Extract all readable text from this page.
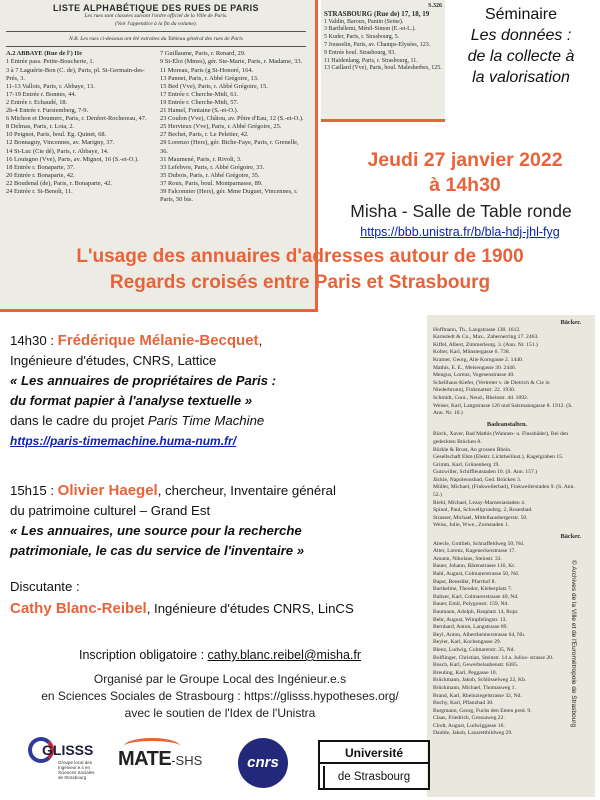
LISTE ALPHABÉTIQUE DES RUES DE PARIS
Les rues sont classées suivant l'ordre officiel de la Ville de Paris.
(Voir l'appendice à la fin du volume).
N.B. Les rues ci-dessous ont été extraites du Tableau général des rues de Paris
A.2 ABBAYE (Rue de l') IIe
1 Entrée pass. Petite-Boucherie, 1.
3 à 7 Laguérie-Bon (C. de), Paris, pl. St-Germain-des-Prés, 3.
11-13 Vallois, Paris, r. Abbaye, 13.
17-19 Entrée r. Bonnes, 44.
2 Entrée r. Echaudé, 18.
2b-4 Entrée r. Furstemberg, 7-9.
6 Michon et Doumerc, Paris, r. Denfert-Rochereau, 47.
8 Delmas, Paris, r. Lota, 2.
10 Peignot, Paris, boul. Eg. Quinet, 68.
12 Bonnaguy, Vincennes, av. Marigny, 37.
14 St-Luc (Cie dé), Paris, r. Abbaye, 14.
16 Louisgno (Vve), Paris, av. Mignot, 16 (S.-et-O.).
18 Entrée r. Bonaparte, 37.
20 Entrée r. Bonaparte, 42.
22 Boudenal (de), Paris, r. Bonaparte, 42.
24 Entrée r. St-Benoît, 11.
7 Guillaume, Paris, r. Renard, 29.
9 St-Eloi (Mmes), gér. Ste-Marie, Paris, r. Madame, 33.
11 Moreau, Paris (g St-Honoré, 164.
13 Pannet, Paris, r. Abbé Grégoire, 13.
15 Bed (Vve), Paris, r. Abbé Grégoire, 15.
17 Entrée r. Cherche-Midi, 61.
19 Entrée r. Cherche-Midi, 57.
21 Hamel, Fontaine (S.-et-O.).
23 Coulon (Vve), Châtou, av. Pôtre d'Eau, 12 (S.-et-O.).
25 Hervieux (Vve), Paris, r. Abbé Grégoire, 25.
27 Bechet, Paris, r. Le Peletier, 42.
29 Lorenzo (Hers), gér. Biche-Faye, Paris, r. Grenelle, 36.
31 Maumené, Paris, r. Rivoli, 3.
33 Lefebvre, Paris, r. Abbé Grégoire, 33.
35 Dubois, Paris, r. Abbé Grégoire, 35.
37 Roux, Paris, boul. Montparnasse, 89.
39 Falconnier (Hers), gér. Mme Duguet, Vincennes, r. Paris, 50 bis.
S.326
STRASBOURG (Rue de) 17, 18, 19
1 Valdin, Baroux, Pantin (Seine).
3 Barthélemi, Ménil-Simon (E.-et-L.).
5 Kuder, Paris, r. Strasbourg, 5.
7 Jousselin, Paris, av. Champs-Elysées, 123.
9 Entrée boul. Strasbourg, 93.
11 Haidenlang, Paris, r. Strasbourg, 11.
13 Caillard (Vve), Paris, boul. Malesherbes, 125.
Séminaire
Les données :
de la collecte à
la valorisation
Jeudi 27 janvier 2022
à 14h30
Misha - Salle de Table ronde
https://bbb.unistra.fr/b/bla-hdj-jhl-fyg
L'usage des annuaires d'adresses autour de 1900
Regards croisés entre Paris et Strasbourg
14h30 : Frédérique Mélanie-Becquet,
Ingénieure d'études, CNRS, Lattice
« Les annuaires de propriétaires de Paris :
du format papier à l'analyse textuelle »
dans le cadre du projet Paris Time Machine
https://paris-timemachine.huma-num.fr/
15h15 : Olivier Haegel, chercheur, Inventaire général
du patrimoine culturel – Grand Est
« Les annuaires, une source pour la recherche
patrimoniale, le cas du service de l'inventaire »
Discutante :
Cathy Blanc-Reibel, Ingénieure d'études CNRS, LinCS
Inscription obligatoire : cathy.blanc.reibel@misha.fr
Organisé par le Groupe Local des Ingénieur.e.s
en Sciences Sociales de Strasbourg : https://glisss.hypotheses.org/
avec le soutien de l'Idex de l'Unistra
Bäcker.
Hoffmann, Th., Langstrasse 138. 1612.
Karnstedt & Co., Max., Zabernerring 17. 2463.
Kiffel, Albert, Zimmerleutg. 3. (Ann. Nr. 151.)
Kolter, Karl, Münstergasse 6. 738.
Kramer, Georg, Alte Korngasse 2. 1440.
Mathis, E. E., Meisengasse 30. 2446.
Mengus, Lorenz, Vogesenstrasse 40.
Schellhaus-Kiefer, (Vertreter v. de Dietrich & Cie in Niederbronn), Finkmattstr. 22. 1930.
Schmidt, Conr., Neud., Rheinstr. 4d. 1092.
Weiser, Karl, Langstrasse 126 und Salzmanngasse 8. 1912. (S. Ann. Nr. 10.)
Badeanstalten.
Bürck, Xaver, Bad Mathis (Wannen- u. Flussbäder), Bei den gedeckten Brücken 8.
Bürkle & Brust, An grossen Rhein.
Gesellschaft Ehm (Elektr. Lichtheilinst.), Kagelgraben 15.
Grimm, Karl, Grünenberg 19.
Gutzwiller, Schiffleutstaden 10. (S. Ann. 157.)
Jäckle, Napoleonsbad, Ged. Brücken 3.
Müller, Michael, (Finkweilerbad), Finkweilerstaden 9. (S. Ann. 52.)
Riehl, Michael, Lezay-Marnesiastaden 4.
Spinnl, Paul, Schwellgrundstg. 2, Rosenbad.
Strasser, Michael, Mittelhausbergerstr. 50.
Weiss, Julie, Wwe., Zornstaden 1.
Bäcker.
Abecle, Gottlieb, Schnaffeldweg 50, Nd.
Alter, Lorenz, Kageneckerstrasse 17.
Amann, Nikolaus, Steinstr. 33.
Bauer, Johann, Bärenstrasse 116, Kr.
Bahl, August, Colmarerstrasse 50, Nd.
Bapst, Benedikt, Pfarrhof 8.
Barthelme, Theodor, Kleberplatz 7.
Baltzer, Karl, Colmarerstrasse 40, Nd.
Bauer, Emil, Polygonstr. 159, Nd.
Baumann, Adolph, Bauplatz 14, Rupr.
Behr, August, Wimpfelingstr. 13.
Bernhard, Anton, Langstrasse 89.
Beyl, Anton, Albertheimerstrasse 64, Nb.
Beyler, Karl, Kochengasse 29.
Blenz, Ludwig, Colmarerstr. 35, Nd.
Bolflinger, Christian, Steinstr. 14 a. Julius- strasse 20.
Bosch, Karl, Gewerbelaubenstr. 6385.
Breuling, Karl, Peggasse 10.
Brückmann, Jakob, Schlösselweg 22, Kb.
Brückmann, Michael, Thomasweg 1.
Brand, Karl, Rheinziegelstrasse 32, Nd.
Buchy, Karl, Pflanzbad 30.
Burgmann, Georg, Fuchs den Enten pred. 9.
Claas, Friedrich, Grossaweg 22.
Clodt, August, Ludwiggasse 16.
Dauble, Jakob, Lazarettbildweg 29.
© Archives de la Ville et de l'Eurométropole de Strasbourg
GLISSS
Groupe local des Ingénieur.e.s en Sciences Sociales de Strasbourg
MATE-SHS	cnrs
Université
de Strasbourg
